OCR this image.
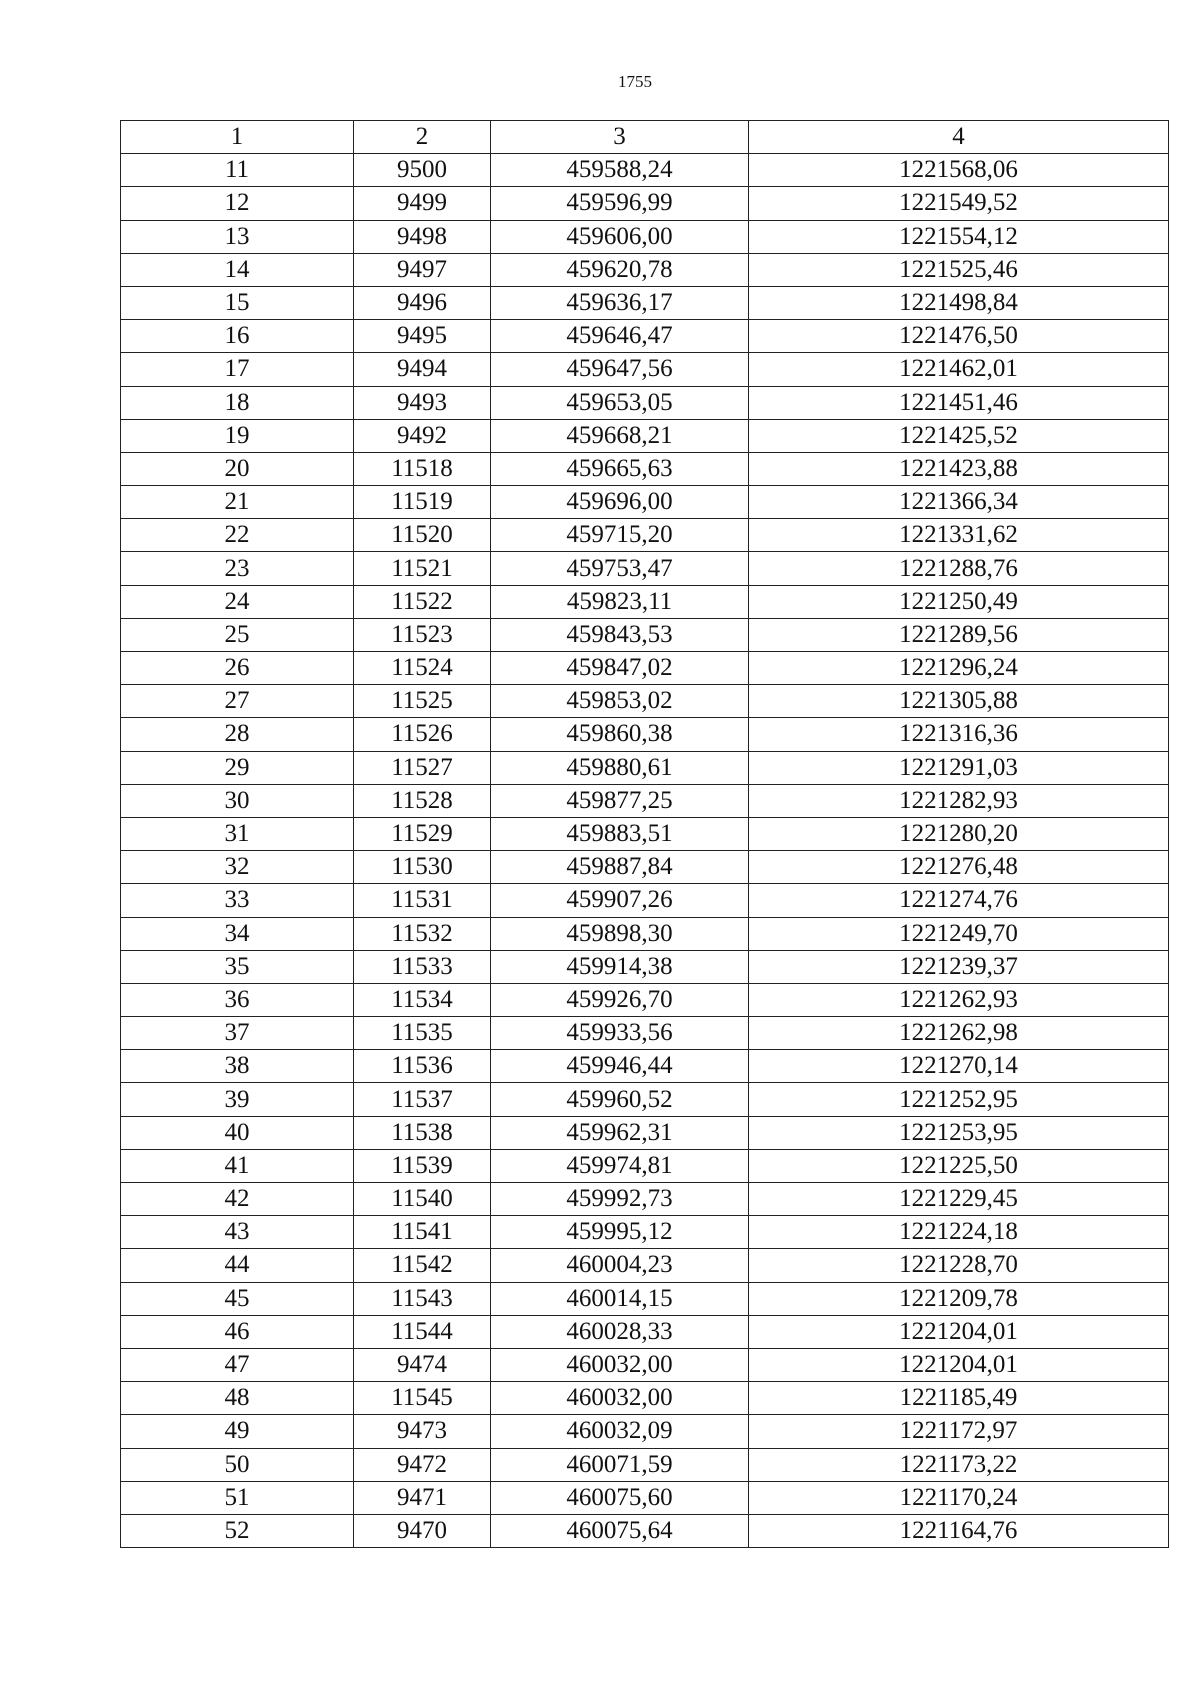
1755
1	2	3	4
11	9500	459588,24	1221568,06
12	9499	459596,99	1221549,52
13	9498	459606,00	1221554,12
14	9497	459620,78	1221525,46
15	9496	459636,17	1221498,84
16	9495	459646,47	1221476,50
17	9494	459647,56	1221462,01
18	9493	459653,05	1221451,46
19	9492	459668,21	1221425,52
20	11518	459665,63	1221423,88
21	11519	459696,00	1221366,34
22	11520	459715,20	1221331,62
23	11521	459753,47	1221288,76
24	11522	459823,11	1221250,49
25	11523	459843,53	1221289,56
26	11524	459847,02	1221296,24
27	11525	459853,02	1221305,88
28	11526	459860,38	1221316,36
29	11527	459880,61	1221291,03
30	11528	459877,25	1221282,93
31	11529	459883,51	1221280,20
32	11530	459887,84	1221276,48
33	11531	459907,26	1221274,76
34	11532	459898,30	1221249,70
35	11533	459914,38	1221239,37
36	11534	459926,70	1221262,93
37	11535	459933,56	1221262,98
38	11536	459946,44	1221270,14
39	11537	459960,52	1221252,95
40	11538	459962,31	1221253,95
41	11539	459974,81	1221225,50
42	11540	459992,73	1221229,45
43	11541	459995,12	1221224,18
44	11542	460004,23	1221228,70
45	11543	460014,15	1221209,78
46	11544	460028,33	1221204,01
47	9474	460032,00	1221204,01
48	11545	460032,00	1221185,49
49	9473	460032,09	1221172,97
50	9472	460071,59	1221173,22
51	9471	460075,60	1221170,24
52	9470	460075,64	1221164,76
